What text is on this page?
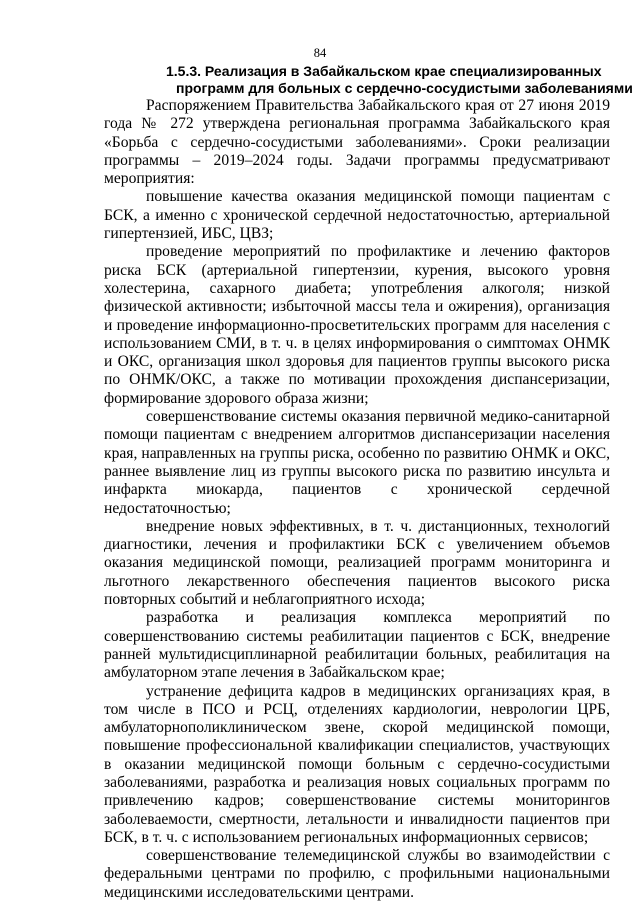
84
1.5.3. Реализация в Забайкальском крае специализированных
программ для больных с сердечно-сосудистыми заболеваниями

Распоряжением Правительства Забайкальского края от 27 июня 2019 года № 272 утверждена региональная программа Забайкальского края «Борьба с сердечно-сосудистыми заболеваниями». Сроки реализации программы – 2019–2024 годы. Задачи программы предусматривают мероприятия:

повышение качества оказания медицинской помощи пациентам с БСК, а именно с хронической сердечной недостаточностью, артериальной гипертензией, ИБС, ЦВЗ;

проведение мероприятий по профилактике и лечению факторов риска БСК (артериальной гипертензии, курения, высокого уровня холестерина, сахарного диабета; употребления алкоголя; низкой физической активности; избыточной массы тела и ожирения), организация и проведение информационно-просветительских программ для населения с использованием СМИ, в т. ч. в целях информирования о симптомах ОНМК и ОКС, организация школ здоровья для пациентов группы высокого риска по ОНМК/ОКС, а также по мотивации прохождения диспансеризации, формирование здорового образа жизни;

совершенствование системы оказания первичной медико-санитарной помощи пациентам с внедрением алгоритмов диспансеризации населения края, направленных на группы риска, особенно по развитию ОНМК и ОКС, раннее выявление лиц из группы высокого риска по развитию инсульта и инфаркта миокарда, пациентов с хронической сердечной недостаточностью;

внедрение новых эффективных, в т. ч. дистанционных, технологий диагностики, лечения и профилактики БСК с увеличением объемов оказания медицинской помощи, реализацией программ мониторинга и льготного лекарственного обеспечения пациентов высокого риска повторных событий и неблагоприятного исхода;

разработка и реализация комплекса мероприятий по совершенствованию системы реабилитации пациентов с БСК, внедрение ранней мультидисциплинарной реабилитации больных, реабилитация на амбулаторном этапе лечения в Забайкальском крае;

устранение дефицита кадров в медицинских организациях края, в том числе в ПСО и РСЦ, отделениях кардиологии, неврологии ЦРБ, амбулаторнополиклиническом звене, скорой медицинской помощи, повышение профессиональной квалификации специалистов, участвующих в оказании медицинской помощи больным с сердечно-сосудистыми заболеваниями, разработка и реализация новых социальных программ по привлечению кадров; совершенствование системы мониторингов заболеваемости, смертности, летальности и инвалидности пациентов при БСК, в т. ч. с использованием региональных информационных сервисов;

совершенствование телемедицинской службы во взаимодействии с федеральными центрами по профилю, с профильными национальными медицинскими исследовательскими центрами.
